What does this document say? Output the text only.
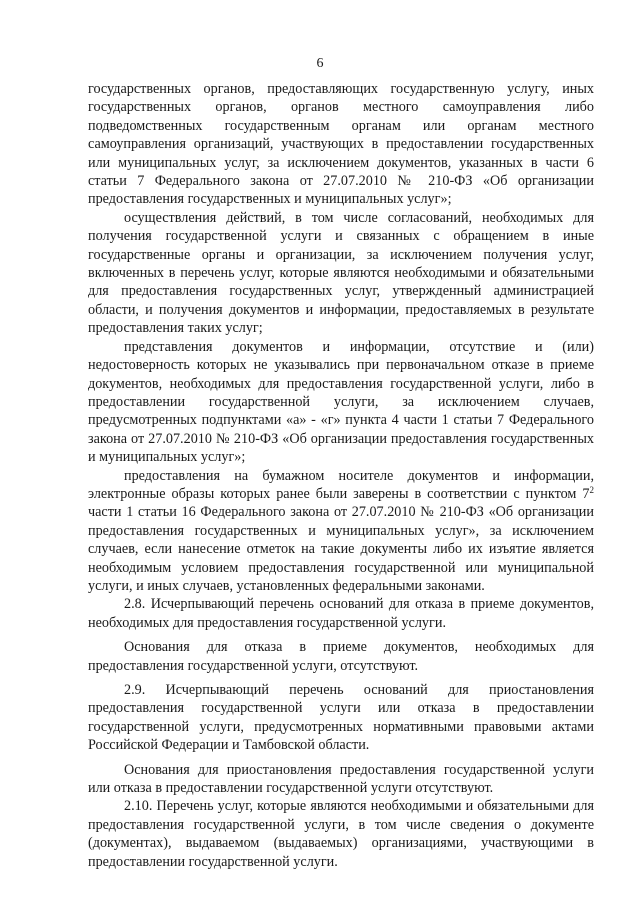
6

государственных органов, предоставляющих государственную услугу, иных государственных органов, органов местного самоуправления либо подведомственных государственным органам или органам местного самоуправления организаций, участвующих в предоставлении государственных или муниципальных услуг, за исключением документов, указанных в части 6 статьи 7 Федерального закона от 27.07.2010 № 210-ФЗ «Об организации предоставления государственных и муниципальных услуг»;

осуществления действий, в том числе согласований, необходимых для получения государственной услуги и связанных с обращением в иные государственные органы и организации, за исключением получения услуг, включенных в перечень услуг, которые являются необходимыми и обязательными для предоставления государственных услуг, утвержденный администрацией области, и получения документов и информации, предоставляемых в результате предоставления таких услуг;

представления документов и информации, отсутствие и (или) недостоверность которых не указывались при первоначальном отказе в приеме документов, необходимых для предоставления государственной услуги, либо в предоставлении государственной услуги, за исключением случаев, предусмотренных подпунктами «а» - «г» пункта 4 части 1 статьи 7 Федерального закона от 27.07.2010 № 210-ФЗ «Об организации предоставления государственных и муниципальных услуг»;

предоставления на бумажном носителе документов и информации, электронные образы которых ранее были заверены в соответствии с пунктом $7^2$ части 1 статьи 16 Федерального закона от 27.07.2010 № 210-ФЗ «Об организации предоставления государственных и муниципальных услуг», за исключением случаев, если нанесение отметок на такие документы либо их изъятие является необходимым условием предоставления государственной или муниципальной услуги, и иных случаев, установленных федеральными законами.

2.8. Исчерпывающий перечень оснований для отказа в приеме документов, необходимых для предоставления государственной услуги.

Основания для отказа в приеме документов, необходимых для предоставления государственной услуги, отсутствуют.

2.9. Исчерпывающий перечень оснований для приостановления предоставления государственной услуги или отказа в предоставлении государственной услуги, предусмотренных нормативными правовыми актами Российской Федерации и Тамбовской области.

Основания для приостановления предоставления государственной услуги или отказа в предоставлении государственной услуги отсутствуют.

2.10. Перечень услуг, которые являются необходимыми и обязательными для предоставления государственной услуги, в том числе сведения о документе (документах), выдаваемом (выдаваемых) организациями, участвующими в предоставлении государственной услуги.
